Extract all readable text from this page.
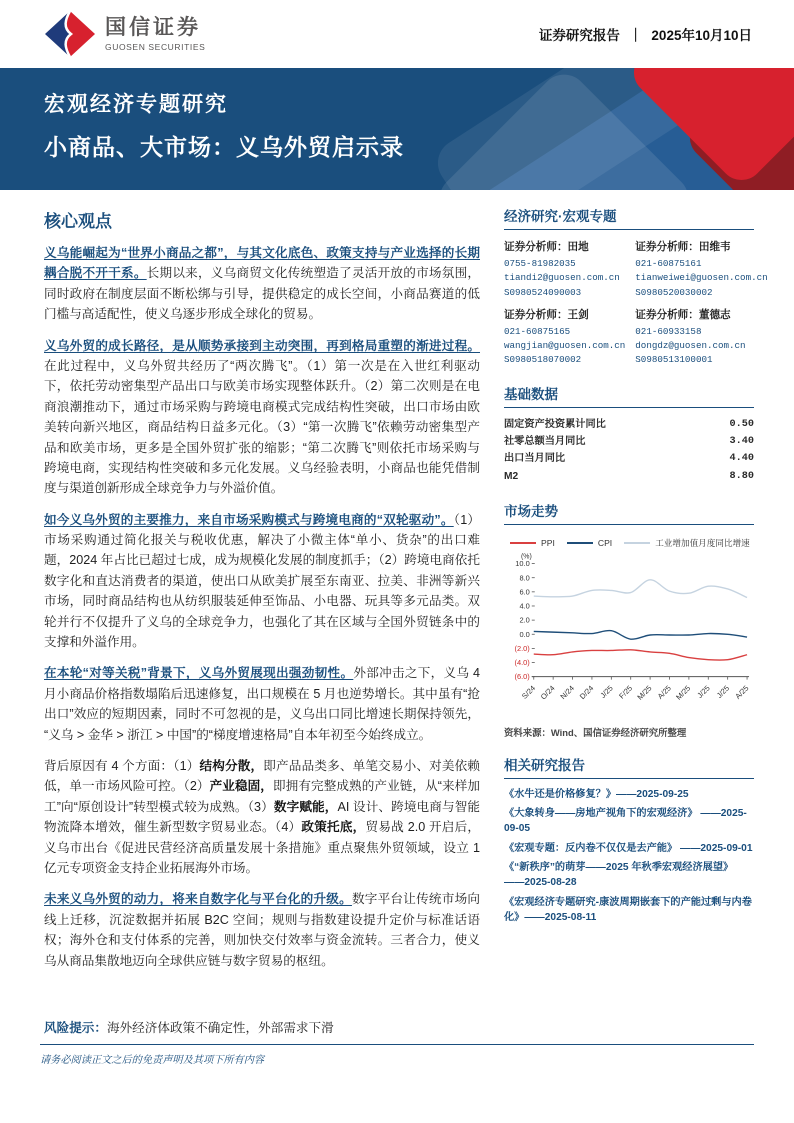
国信证券
GUOSEN SECURITIES
证券研究报告 ｜ 2025年10月10日
宏观经济专题研究
小商品、大市场：义乌外贸启示录
核心观点

义乌能崛起为“世界小商品之都”，与其文化底色、政策支持与产业选择的长期耦合脱不开干系。长期以来，义乌商贸文化传统塑造了灵活开放的市场氛围，同时政府在制度层面不断松绑与引导，提供稳定的成长空间，小商品赛道的低门槛与高适配性，使义乌逐步形成全球化的贸易。

义乌外贸的成长路径，是从顺势承接到主动突围，再到格局重塑的渐进过程。在此过程中，义乌外贸共经历了“两次腾飞”。（1）第一次是在入世红利驱动下，依托劳动密集型产品出口与欧美市场实现整体跃升。（2）第二次则是在电商浪潮推动下，通过市场采购与跨境电商模式完成结构性突破，出口市场由欧美转向新兴地区，商品结构日益多元化。（3）“第一次腾飞”依赖劳动密集型产品和欧美市场，更多是全国外贸扩张的缩影；“第二次腾飞”则依托市场采购与跨境电商，实现结构性突破和多元化发展。义乌经验表明，小商品也能凭借制度与渠道创新形成全球竞争力与外溢价值。

如今义乌外贸的主要推力，来自市场采购模式与跨境电商的“双轮驱动”。（1）市场采购通过简化报关与税收优惠，解决了小微主体“单小、货杂”的出口难题，2024 年占比已超过七成，成为规模化发展的制度抓手；（2）跨境电商依托数字化和直达消费者的渠道，使出口从欧美扩展至东南亚、拉美、非洲等新兴市场，同时商品结构也从纺织服装延伸至饰品、小电器、玩具等多元品类。双轮并行不仅提升了义乌的全球竞争力，也强化了其在区域与全国外贸链条中的支撑和外溢作用。

在本轮“对等关税”背景下，义乌外贸展现出强劲韧性。外部冲击之下，义乌 4 月小商品价格指数塌陷后迅速修复，出口规模在 5 月也逆势增长。其中虽有“抢出口”效应的短期因素，同时不可忽视的是，义乌出口同比增速长期保持领先，“义乌 > 金华 > 浙江 > 中国”的“梯度增速格局”自本年初至今始终成立。

背后原因有 4 个方面：（1）结构分散，即产品品类多、单笔交易小、对美依赖低，单一市场风险可控。（2）产业稳固，即拥有完整成熟的产业链，从“来样加工”向“原创设计”转型模式较为成熟。（3）数字赋能，AI 设计、跨境电商与智能物流降本增效，催生新型数字贸易业态。（4）政策托底，贸易战 2.0 开启后，义乌市出台《促进民营经济高质量发展十条措施》重点聚焦外贸领域，设立 1 亿元专项资金支持企业拓展海外市场。

未来义乌外贸的动力，将来自数字化与平台化的升级。数字平台让传统市场向线上迁移，沉淀数据并拓展 B2C 空间；规则与指数建设提升定价与标准话语权；海外仓和支付体系的完善，则加快交付效率与资金流转。三者合力，使义乌从商品集散地迈向全球供应链与数字贸易的枢纽。

风险提示：海外经济体政策不确定性，外部需求下滑

经济研究·宏观专题
证券分析师：田地
0755-81982035
tiandi2@guosen.com.cn
S0980524090003
证券分析师：田维韦
021-60875161
tianweiwei@guosen.com.cn
S0980520030002
证券分析师：王剑
021-60875165
wangjian@guosen.com.cn
S0980518070002
证券分析师：董德志
021-60933158
dongdz@guosen.com.cn
S0980513100001
基础数据
固定资产投资累计同比	0.50
社零总额当月同比	3.40
出口当月同比	4.40
M2	8.80
市场走势
PPI	CPI	工业增加值月度同比增速
(%)
10.0
8.0
6.0
4.0
2.0
0.0
(2.0)
(4.0)
(6.0)
S/24 O/24 N/24 D/24 J/25 F/25 M/25 A/25 M/25 J/25 J/25 A/25
资料来源：Wind、国信证券经济研究所整理
相关研究报告
《水牛还是价格修复？》——2025-09-25
《大象转身——房地产视角下的宏观经济》 ——2025-09-05
《宏观专题：反内卷不仅仅是去产能》 ——2025-09-01
《“新秩序”的萌芽——2025 年秋季宏观经济展望》 ——2025-08-28
《宏观经济专题研究-康波周期嵌套下的产能过剩与内卷化》——2025-08-11
请务必阅读正文之后的免责声明及其项下所有内容
